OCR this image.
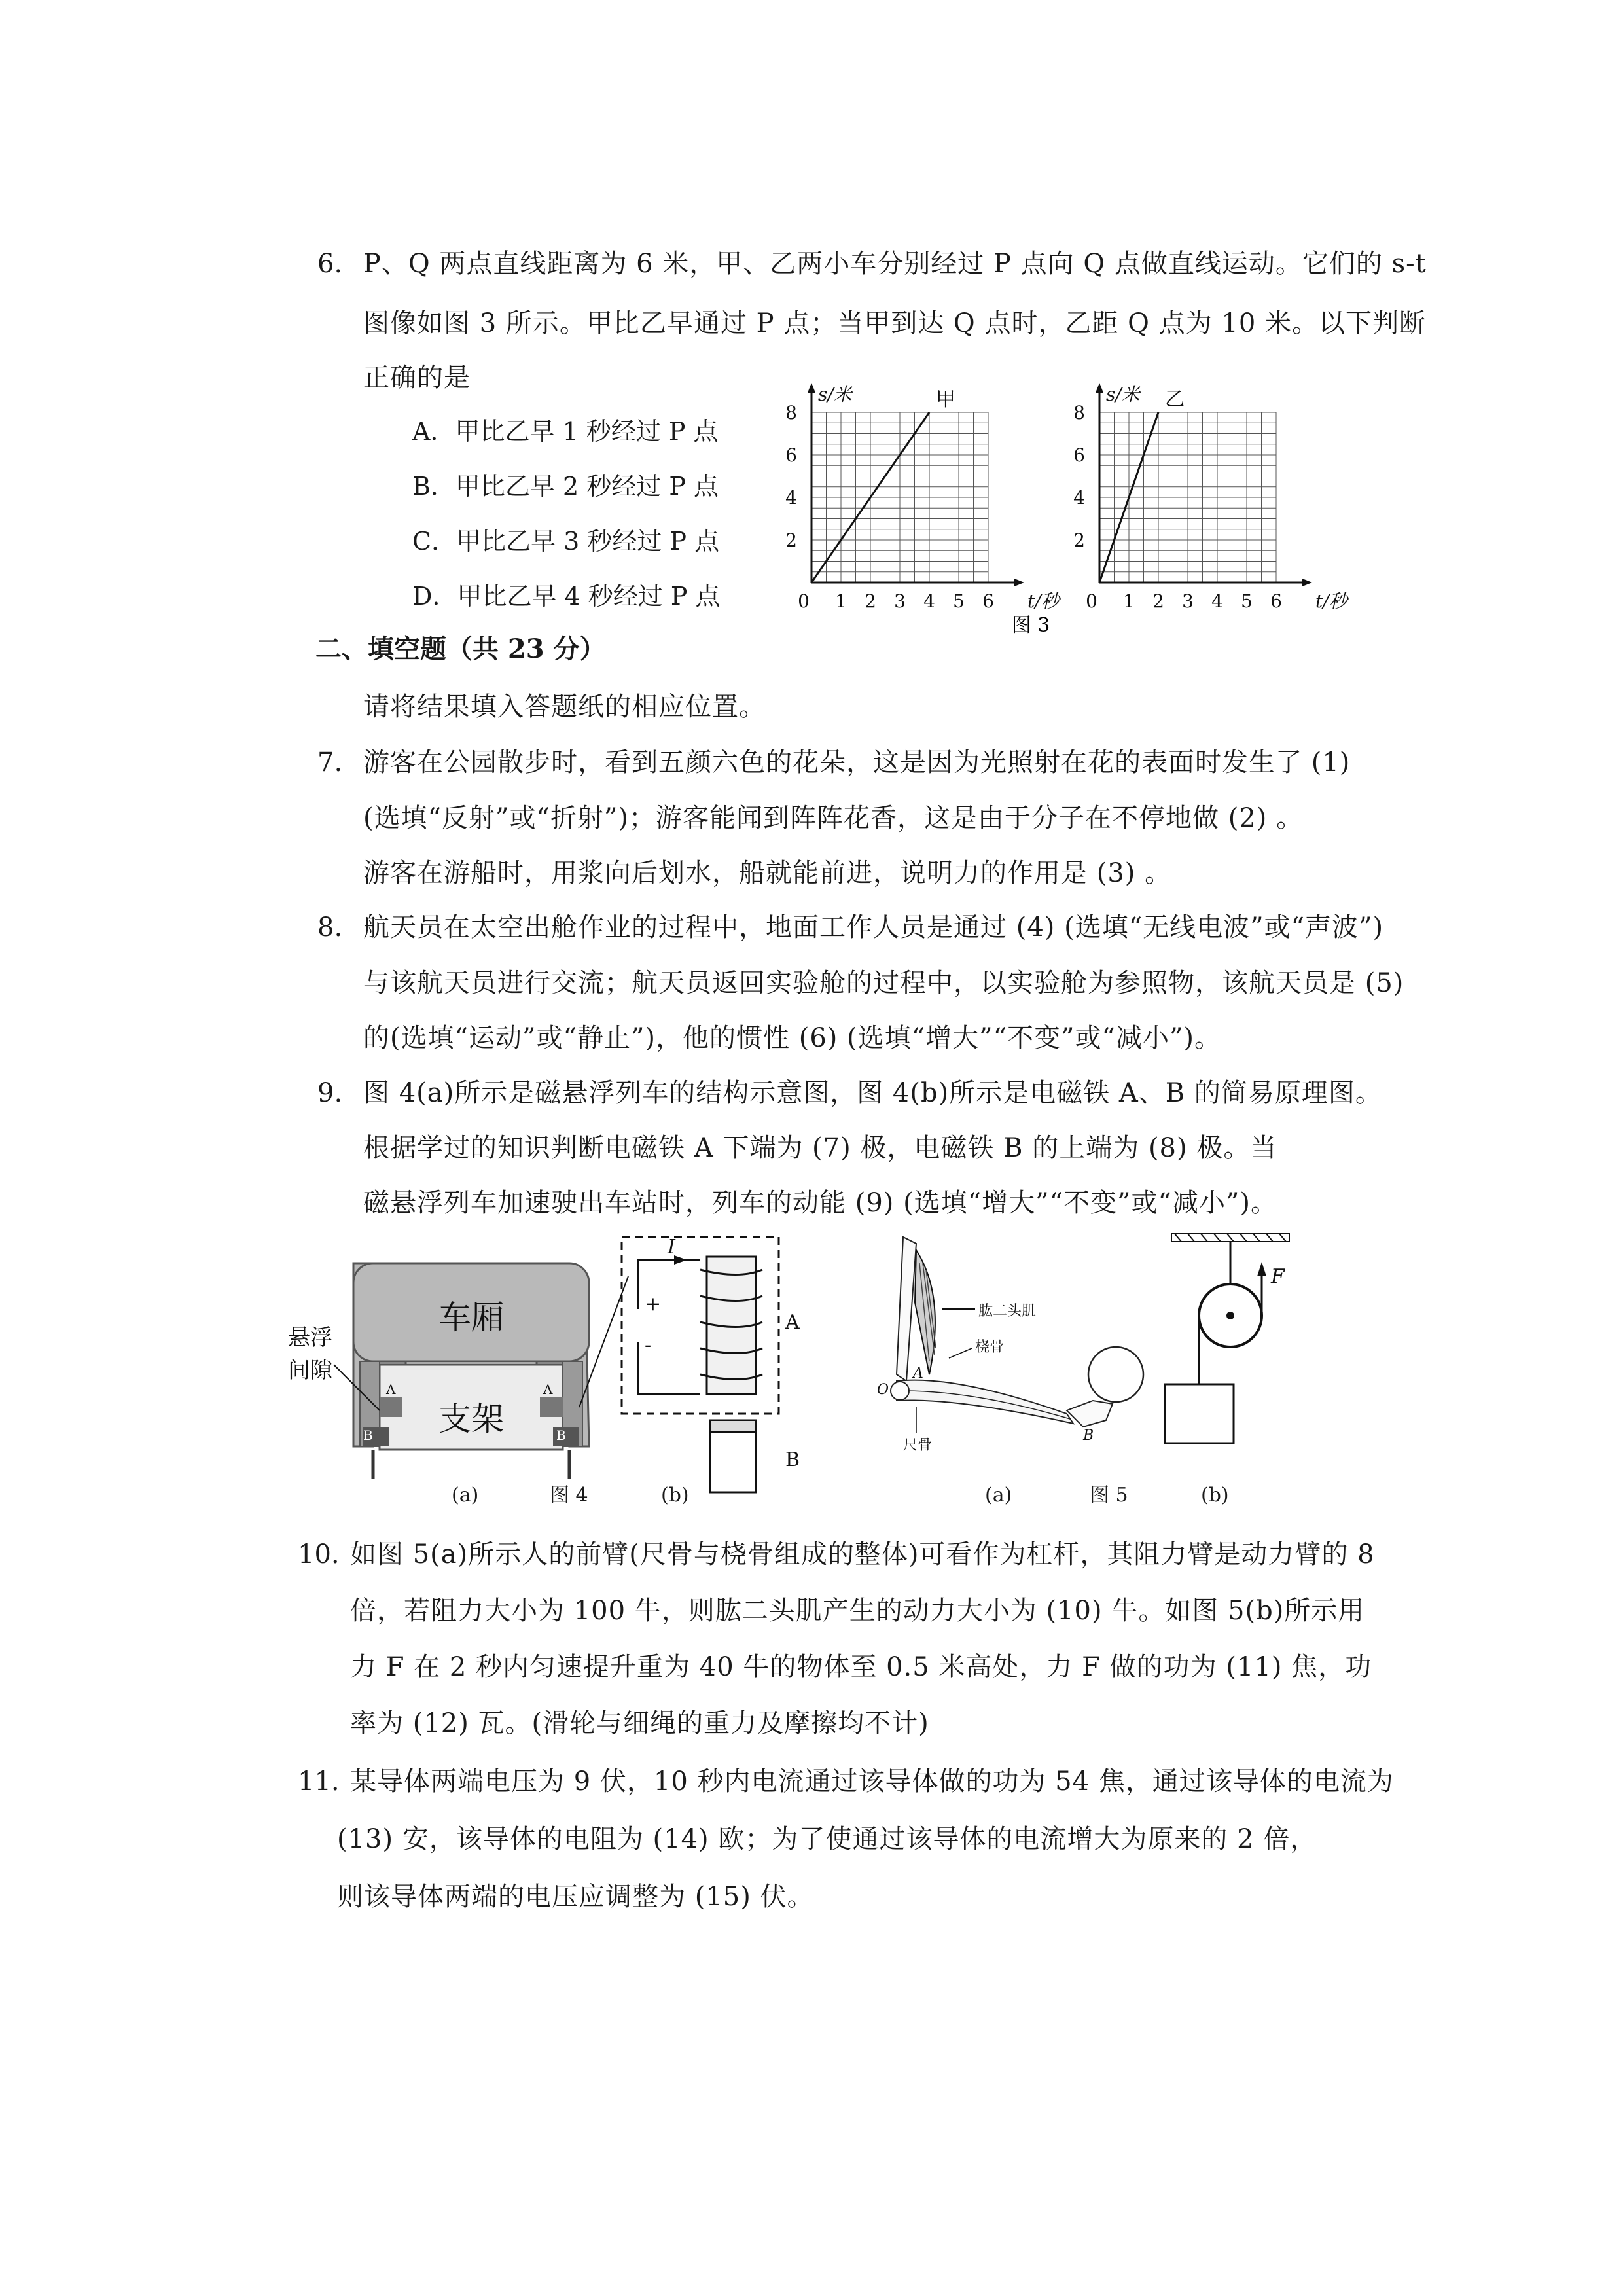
6. P、Q 两点直线距离为 6 米，甲、乙两小车分别经过 P 点向 Q 点做直线运动。它们的 s-t
图像如图 3 所示。甲比乙早通过 P 点；当甲到达 Q 点时，乙距 Q 点为 10 米。以下判断
正确的是
A．甲比乙早 1 秒经过 P 点
B．甲比乙早 2 秒经过 P 点
C．甲比乙早 3 秒经过 P 点
D．甲比乙早 4 秒经过 P 点	0 1 2 3 4 5 6
2
4
6
8
t/秒
s/米	甲
0 1 2 3 4 5 6
2
4
6
8
t/秒
s/米 乙
图 3
二、填空题（共 23 分）
请将结果填入答题纸的相应位置。
7. 游客在公园散步时，看到五颜六色的花朵，这是因为光照射在花的表面时发生了 (1)
(选填“反射”或“折射”)；游客能闻到阵阵花香，这是由于分子在不停地做 (2) 。
游客在游船时，用浆向后划水，船就能前进，说明力的作用是 (3) 。
8. 航天员在太空出舱作业的过程中，地面工作人员是通过 (4) (选填“无线电波”或“声波”)
与该航天员进行交流；航天员返回实验舱的过程中，以实验舱为参照物，该航天员是 (5)
的(选填“运动”或“静止”)，他的惯性 (6) (选填“增大”“不变”或“减小”)。
9. 图 4(a)所示是磁悬浮列车的结构示意图，图 4(b)所示是电磁铁 A、B 的简易原理图。
根据学过的知识判断电磁铁 A 下端为 (7) 极，电磁铁 B 的上端为 (8) 极。当
磁悬浮列车加速驶出车站时，列车的动能 (9) (选填“增大”“不变”或“减小”)。
车厢
支架
悬浮
间隙
A	A
B	B
I
+
-
A
B
(a)	图 4	(b)
肱二头肌
桡骨
尺骨
A
B
O
F
(a)	图 5	(b)
10. 如图 5(a)所示人的前臂(尺骨与桡骨组成的整体)可看作为杠杆，其阻力臂是动力臂的 8
倍，若阻力大小为 100 牛，则肱二头肌产生的动力大小为 (10) 牛。如图 5(b)所示用
力 F 在 2 秒内匀速提升重为 40 牛的物体至 0.5 米高处，力 F 做的功为 (11) 焦，功
率为 (12) 瓦。(滑轮与细绳的重力及摩擦均不计)
11. 某导体两端电压为 9 伏，10 秒内电流通过该导体做的功为 54 焦，通过该导体的电流为
(13) 安，该导体的电阻为 (14) 欧；为了使通过该导体的电流增大为原来的 2 倍，
则该导体两端的电压应调整为 (15) 伏。
